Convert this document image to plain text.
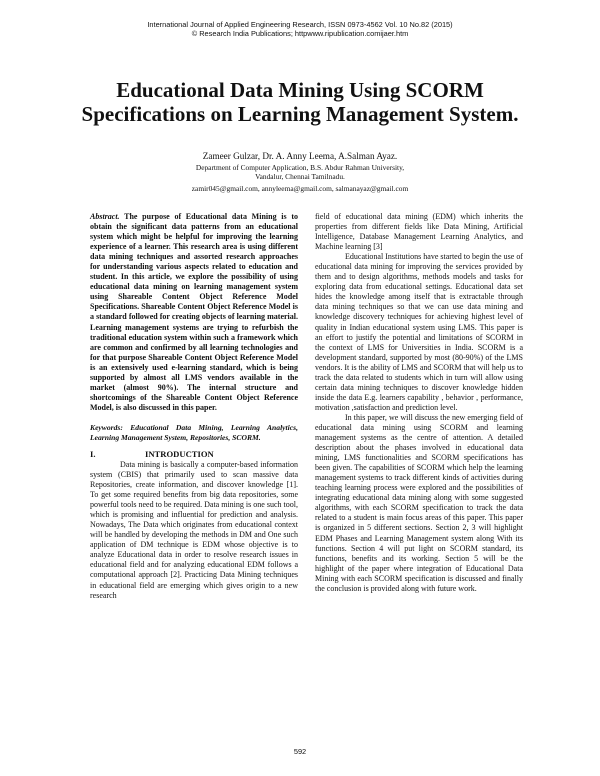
International Journal of Applied Engineering Research, ISSN 0973-4562 Vol. 10 No.82 (2015)
© Research India Publications; httpwww.ripublication.comijaer.htm
Educational Data Mining Using SCORM Specifications on Learning Management System.
Zameer Gulzar, Dr. A. Anny Leema, A.Salman Ayaz.
Department of Computer Application, B.S. Abdur Rahman University,
Vandalur, Chennai Tamilnadu.
zamir045@gmail.com, annyleema@gmail.com, salmanayaz@gmail.com

Abstract. The purpose of Educational data Mining is to obtain the significant data patterns from an educational system which might be helpful for improving the learning experience of a learner. This research area is using different data mining techniques and assorted research approaches for understanding various aspects related to education and student. In this article, we explore the possibility of using educational data mining on learning management system using Shareable Content Object Reference Model Specifications. Shareable Content Object Reference Model is a standard followed for creating objects of learning material. Learning management systems are trying to refurbish the traditional education system within such a framework which are common and confirmed by all learning technologies and for that purpose Shareable Content Object Reference Model is an extensively used e-learning standard, which is being supported by almost all LMS vendors available in the market (almost 90%). The internal structure and shortcomings of the Shareable Content Object Reference Model, is also discussed in this paper.

Keywords: Educational Data Mining, Learning Analytics, Learning Management System, Repositories, SCORM.

I.	INTRODUCTION

Data mining is basically a computer-based information system (CBIS) that primarily used to scan massive data Repositories, create information, and discover knowledge [1]. To get some required benefits from big data repositories, some powerful tools need to be required. Data mining is one such tool, which is promising and influential for prediction and analysis. Nowadays, The Data which originates from educational context will be handled by developing the methods in DM and One such application of DM technique is EDM whose objective is to analyze Educational data in order to resolve research issues in educational field and for analyzing educational EDM follows a computational approach [2]. Practicing Data Mining techniques in educational field are emerging which gives origin to a new research

field of educational data mining (EDM) which inherits the properties from different fields like Data Mining, Artificial Intelligence, Database Management Learning Analytics, and Machine learning [3]

Educational Institutions have started to begin the use of educational data mining for improving the services provided by them and to design algorithms, methods models and tasks for exploring data from educational settings. Educational data set hides the knowledge among itself that is extractable through data mining techniques so that we can use data mining and knowledge discovery techniques for achieving highest level of quality in Indian educational system using LMS. This paper is an effort to justify the potential and limitations of SCORM in the context of LMS for Universities in India. SCORM is a development standard, supported by most (80-90%) of the LMS vendors. It is the ability of LMS and SCORM that will help us to track the data related to students which in turn will allow using certain data mining techniques to discover knowledge hidden inside the data E.g. learners capability , behavior , performance, motivation ,satisfaction and prediction level.

In this paper, we will discuss the new emerging field of educational data mining using SCORM and learning management systems as the centre of attention. A detailed description about the phases involved in educational data mining, LMS functionalities and SCORM specifications has been given. The capabilities of SCORM which help the learning management systems to track different kinds of activities during teaching learning process were explored and the possibilities of integrating educational data mining along with some suggested algorithms, with each SCORM specification to track the data related to a student is main focus areas of this paper. This paper is organized in 5 different sections. Section 2, 3 will highlight EDM Phases and Learning Management system along With its functions. Section 4 will put light on SCORM standard, its functions, benefits and its working. Section 5 will be the highlight of the paper where integration of Educational Data Mining with each SCORM specification is discussed and finally the conclusion is provided along with future work.

592
